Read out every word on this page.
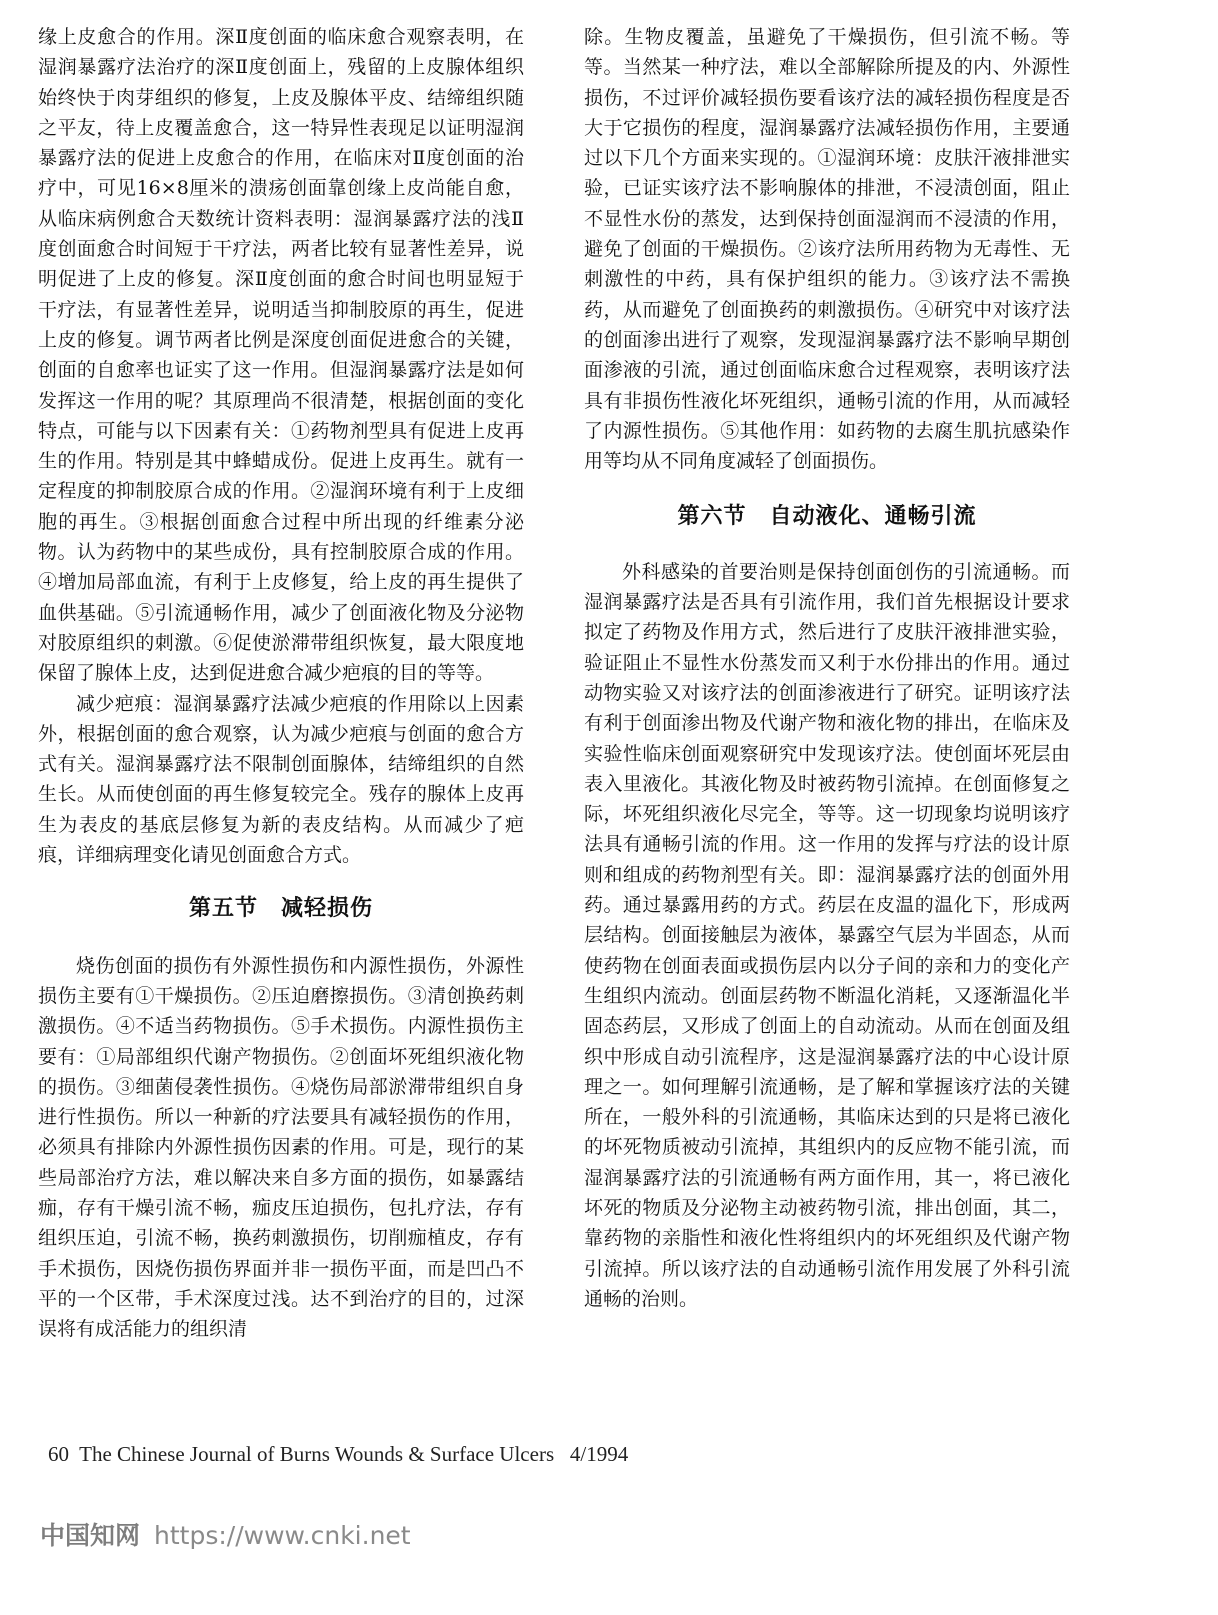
缘上皮愈合的作用。深Ⅱ度创面的临床愈合观察表明，在湿润暴露疗法治疗的深Ⅱ度创面上，残留的上皮腺体组织始终快于肉芽组织的修复，上皮及腺体平皮、结缔组织随之平友，待上皮覆盖愈合，这一特异性表现足以证明湿润暴露疗法的促进上皮愈合的作用，在临床对Ⅱ度创面的治疗中，可见16×8厘米的溃疡创面靠创缘上皮尚能自愈，从临床病例愈合天数统计资料表明：湿润暴露疗法的浅Ⅱ度创面愈合时间短于干疗法，两者比较有显著性差异，说明促进了上皮的修复。深Ⅱ度创面的愈合时间也明显短于干疗法，有显著性差异，说明适当抑制胶原的再生，促进上皮的修复。调节两者比例是深度创面促进愈合的关键，创面的自愈率也证实了这一作用。但湿润暴露疗法是如何发挥这一作用的呢？其原理尚不很清楚，根据创面的变化特点，可能与以下因素有关：①药物剂型具有促进上皮再生的作用。特别是其中蜂蜡成份。促进上皮再生。就有一定程度的抑制胶原合成的作用。②湿润环境有利于上皮细胞的再生。③根据创面愈合过程中所出现的纤维素分泌物。认为药物中的某些成份，具有控制胶原合成的作用。④增加局部血流，有利于上皮修复，给上皮的再生提供了血供基础。⑤引流通畅作用，减少了创面液化物及分泌物对胶原组织的刺激。⑥促使淤滞带组织恢复，最大限度地保留了腺体上皮，达到促进愈合减少疤痕的目的等等。

减少疤痕：湿润暴露疗法减少疤痕的作用除以上因素外，根据创面的愈合观察，认为减少疤痕与创面的愈合方式有关。湿润暴露疗法不限制创面腺体，结缔组织的自然生长。从而使创面的再生修复较完全。残存的腺体上皮再生为表皮的基底层修复为新的表皮结构。从而减少了疤痕，详细病理变化请见创面愈合方式。

第五节　减轻损伤

烧伤创面的损伤有外源性损伤和内源性损伤，外源性损伤主要有①干燥损伤。②压迫磨擦损伤。③清创换药刺激损伤。④不适当药物损伤。⑤手术损伤。内源性损伤主要有：①局部组织代谢产物损伤。②创面坏死组织液化物的损伤。③细菌侵袭性损伤。④烧伤局部淤滞带组织自身进行性损伤。所以一种新的疗法要具有减轻损伤的作用，必须具有排除内外源性损伤因素的作用。可是，现行的某些局部治疗方法，难以解决来自多方面的损伤，如暴露结痂，存有干燥引流不畅，痂皮压迫损伤，包扎疗法，存有组织压迫，引流不畅，换药刺激损伤，切削痂植皮，存有手术损伤，因烧伤损伤界面并非一损伤平面，而是凹凸不平的一个区带，手术深度过浅。达不到治疗的目的，过深误将有成活能力的组织清

除。生物皮覆盖，虽避免了干燥损伤，但引流不畅。等等。当然某一种疗法，难以全部解除所提及的内、外源性损伤，不过评价减轻损伤要看该疗法的减轻损伤程度是否大于它损伤的程度，湿润暴露疗法减轻损伤作用，主要通过以下几个方面来实现的。①湿润环境：皮肤汗液排泄实验，已证实该疗法不影响腺体的排泄，不浸渍创面，阻止不显性水份的蒸发，达到保持创面湿润而不浸渍的作用，避免了创面的干燥损伤。②该疗法所用药物为无毒性、无刺激性的中药，具有保护组织的能力。③该疗法不需换药，从而避免了创面换药的刺激损伤。④研究中对该疗法的创面渗出进行了观察，发现湿润暴露疗法不影响早期创面渗液的引流，通过创面临床愈合过程观察，表明该疗法具有非损伤性液化坏死组织，通畅引流的作用，从而减轻了内源性损伤。⑤其他作用：如药物的去腐生肌抗感染作用等均从不同角度减轻了创面损伤。

第六节　自动液化、通畅引流

外科感染的首要治则是保持创面创伤的引流通畅。而湿润暴露疗法是否具有引流作用，我们首先根据设计要求拟定了药物及作用方式，然后进行了皮肤汗液排泄实验，验证阻止不显性水份蒸发而又利于水份排出的作用。通过动物实验又对该疗法的创面渗液进行了研究。证明该疗法有利于创面渗出物及代谢产物和液化物的排出，在临床及实验性临床创面观察研究中发现该疗法。使创面坏死层由表入里液化。其液化物及时被药物引流掉。在创面修复之际，坏死组织液化尽完全，等等。这一切现象均说明该疗法具有通畅引流的作用。这一作用的发挥与疗法的设计原则和组成的药物剂型有关。即：湿润暴露疗法的创面外用药。通过暴露用药的方式。药层在皮温的温化下，形成两层结构。创面接触层为液体，暴露空气层为半固态，从而使药物在创面表面或损伤层内以分子间的亲和力的变化产生组织内流动。创面层药物不断温化消耗，又逐渐温化半固态药层，又形成了创面上的自动流动。从而在创面及组织中形成自动引流程序，这是湿润暴露疗法的中心设计原理之一。如何理解引流通畅，是了解和掌握该疗法的关键所在，一般外科的引流通畅，其临床达到的只是将已液化的坏死物质被动引流掉，其组织内的反应物不能引流，而湿润暴露疗法的引流通畅有两方面作用，其一，将已液化坏死的物质及分泌物主动被药物引流，排出创面，其二，靠药物的亲脂性和液化性将组织内的坏死组织及代谢产物引流掉。所以该疗法的自动通畅引流作用发展了外科引流通畅的治则。

60 The Chinese Journal of Burns Wounds & Surface Ulcers 4/1994
中国知网 https://www.cnki.net
